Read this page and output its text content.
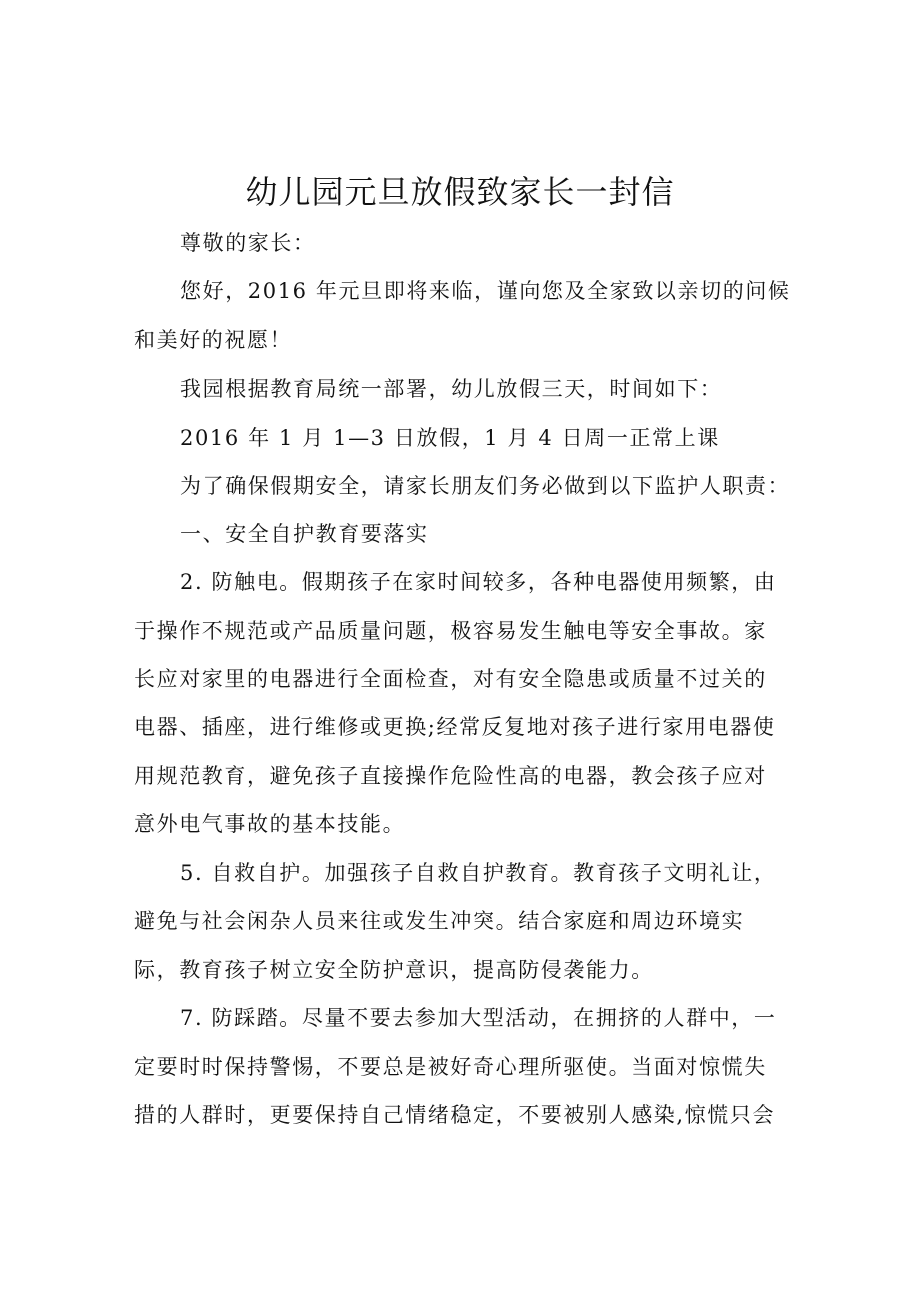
幼儿园元旦放假致家长一封信
尊敬的家长：
您好，2016 年元旦即将来临，谨向您及全家致以亲切的问候
和美好的祝愿！
我园根据教育局统一部署，幼儿放假三天，时间如下：
2016 年 1 月 1—3 日放假，1 月 4 日周一正常上课
为了确保假期安全，请家长朋友们务必做到以下监护人职责：
一、安全自护教育要落实
2. 防触电。假期孩子在家时间较多，各种电器使用频繁，由
于操作不规范或产品质量问题，极容易发生触电等安全事故。家
长应对家里的电器进行全面检查，对有安全隐患或质量不过关的
电器、插座，进行维修或更换;经常反复地对孩子进行家用电器使
用规范教育，避免孩子直接操作危险性高的电器，教会孩子应对
意外电气事故的基本技能。
5. 自救自护。加强孩子自救自护教育。教育孩子文明礼让，
避免与社会闲杂人员来往或发生冲突。结合家庭和周边环境实
际，教育孩子树立安全防护意识，提高防侵袭能力。
7. 防踩踏。尽量不要去参加大型活动，在拥挤的人群中，一
定要时时保持警惕，不要总是被好奇心理所驱使。当面对惊慌失
措的人群时，更要保持自己情绪稳定，不要被别人感染,惊慌只会
